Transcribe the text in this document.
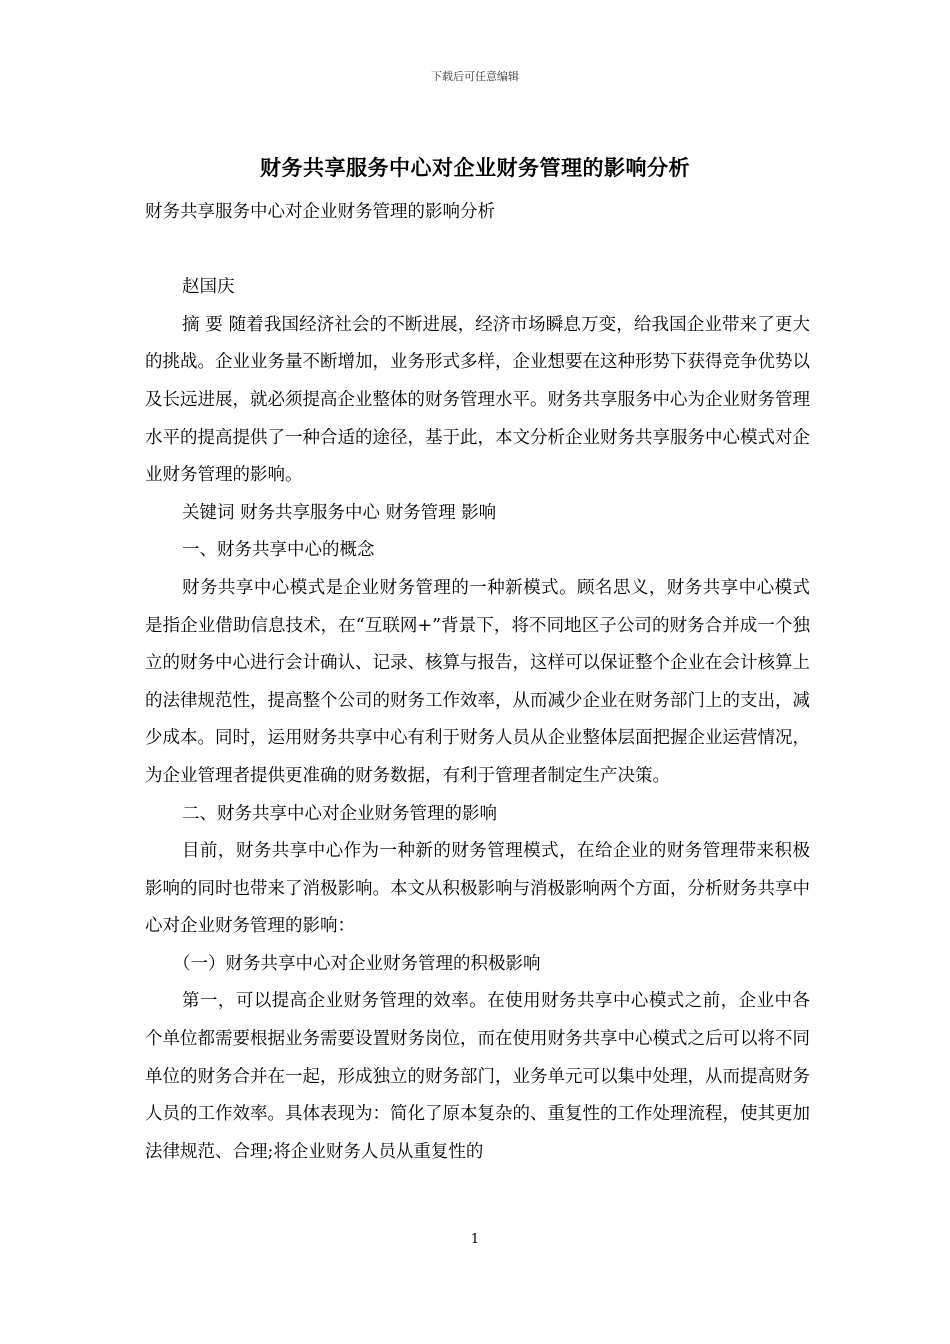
下载后可任意编辑
财务共享服务中心对企业财务管理的影响分析

财务共享服务中心对企业财务管理的影响分析

赵国庆

摘 要 随着我国经济社会的不断进展，经济市场瞬息万变，给我国企业带来了更大的挑战。企业业务量不断增加，业务形式多样，企业想要在这种形势下获得竞争优势以及长远进展，就必须提高企业整体的财务管理水平。财务共享服务中心为企业财务管理水平的提高提供了一种合适的途径，基于此，本文分析企业财务共享服务中心模式对企业财务管理的影响。

关键词 财务共享服务中心 财务管理 影响

一、财务共享中心的概念

财务共享中心模式是企业财务管理的一种新模式。顾名思义，财务共享中心模式是指企业借助信息技术，在“互联网+”背景下，将不同地区子公司的财务合并成一个独立的财务中心进行会计确认、记录、核算与报告，这样可以保证整个企业在会计核算上的法律规范性，提高整个公司的财务工作效率，从而减少企业在财务部门上的支出，减少成本。同时，运用财务共享中心有利于财务人员从企业整体层面把握企业运营情况，为企业管理者提供更准确的财务数据，有利于管理者制定生产决策。

二、财务共享中心对企业财务管理的影响

目前，财务共享中心作为一种新的财务管理模式，在给企业的财务管理带来积极影响的同时也带来了消极影响。本文从积极影响与消极影响两个方面，分析财务共享中心对企业财务管理的影响：

（一）财务共享中心对企业财务管理的积极影响

第一，可以提高企业财务管理的效率。在使用财务共享中心模式之前，企业中各个单位都需要根据业务需要设置财务岗位，而在使用财务共享中心模式之后可以将不同单位的财务合并在一起，形成独立的财务部门，业务单元可以集中处理，从而提高财务人员的工作效率。具体表现为：简化了原本复杂的、重复性的工作处理流程，使其更加法律规范、合理;将企业财务人员从重复性的

1
